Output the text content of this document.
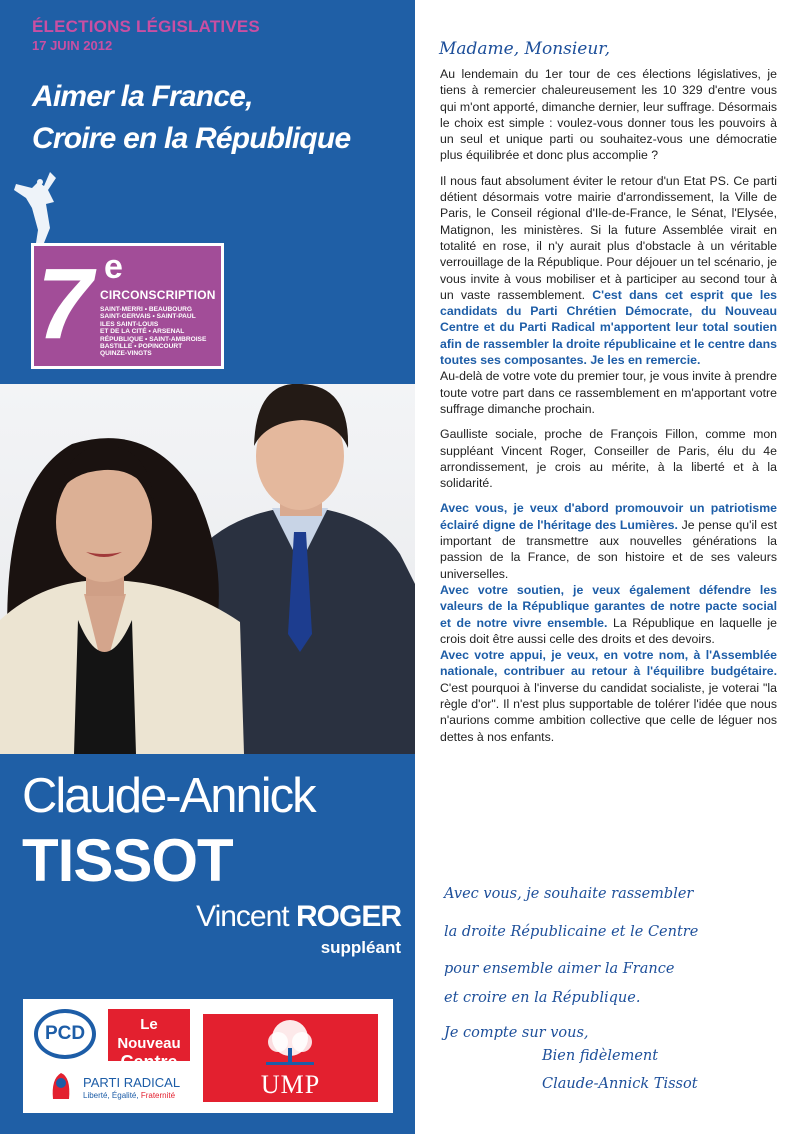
ÉLECTIONS LÉGISLATIVES
17 JUIN 2012
Aimer la France,
Croire en la République
7 e
CIRCONSCRIPTION
SAINT-MERRI • BEAUBOURG
SAINT-GERVAIS • SAINT-PAUL
ILES SAINT-LOUIS
ET DE LA CITÉ • ARSENAL
RÉPUBLIQUE • SAINT-AMBROISE
BASTILLE • POPINCOURT
QUINZE-VINGTS
Claude-Annick
TISSOT
Vincent ROGER
suppléant
PCD	Le Nouveau
Centre
PARTI RADICAL
Liberté, Égalité, Fraternité	UMP
Madame, Monsieur,

Au lendemain du 1er tour de ces élections législatives, je tiens à remercier chaleureusement les 10 329 d'entre vous qui m'ont apporté, dimanche dernier, leur suffrage. Désormais le choix est simple : voulez-vous donner tous les pouvoirs à un seul et unique parti ou souhaitez-vous une démocratie plus équilibrée et donc plus accomplie ?

Il nous faut absolument éviter le retour d'un Etat PS. Ce parti détient désormais votre mairie d'arrondissement, la Ville de Paris, le Conseil régional d'Ile-de-France, le Sénat, l'Elysée, Matignon, les ministères. Si la future Assemblée virait en totalité en rose, il n'y aurait plus d'obstacle à un véritable verrouillage de la République. Pour déjouer un tel scénario, je vous invite à vous mobiliser et à participer au second tour à un vaste rassemblement. C'est dans cet esprit que les candidats du Parti Chrétien Démocrate, du Nouveau Centre et du Parti Radical m'apportent leur total soutien afin de rassembler la droite républicaine et le centre dans toutes ses composantes. Je les en remercie.

Au-delà de votre vote du premier tour, je vous invite à prendre toute votre part dans ce rassemblement en m'apportant votre suffrage dimanche prochain.

Gaulliste sociale, proche de François Fillon, comme mon suppléant Vincent Roger, Conseiller de Paris, élu du 4e arrondissement, je crois au mérite, à la liberté et à la solidarité.

Avec vous, je veux d'abord promouvoir un patriotisme éclairé digne de l'héritage des Lumières. Je pense qu'il est important de transmettre aux nouvelles générations la passion de la France, de son histoire et de ses valeurs universelles.

Avec votre soutien, je veux également défendre les valeurs de la République garantes de notre pacte social et de notre vivre ensemble. La République en laquelle je crois doit être aussi celle des droits et des devoirs.

Avec votre appui, je veux, en votre nom, à l'Assemblée nationale, contribuer au retour à l'équilibre budgétaire. C'est pourquoi à l'inverse du candidat socialiste, je voterai "la règle d'or". Il n'est plus supportable de tolérer l'idée que nous n'aurions comme ambition collective que celle de léguer nos dettes à nos enfants.

Avec vous, je souhaite rassembler
la droite Républicaine et le Centre
pour ensemble aimer la France
et croire en la République.
Je compte sur vous,
Bien fidèlement
Claude-Annick Tissot
